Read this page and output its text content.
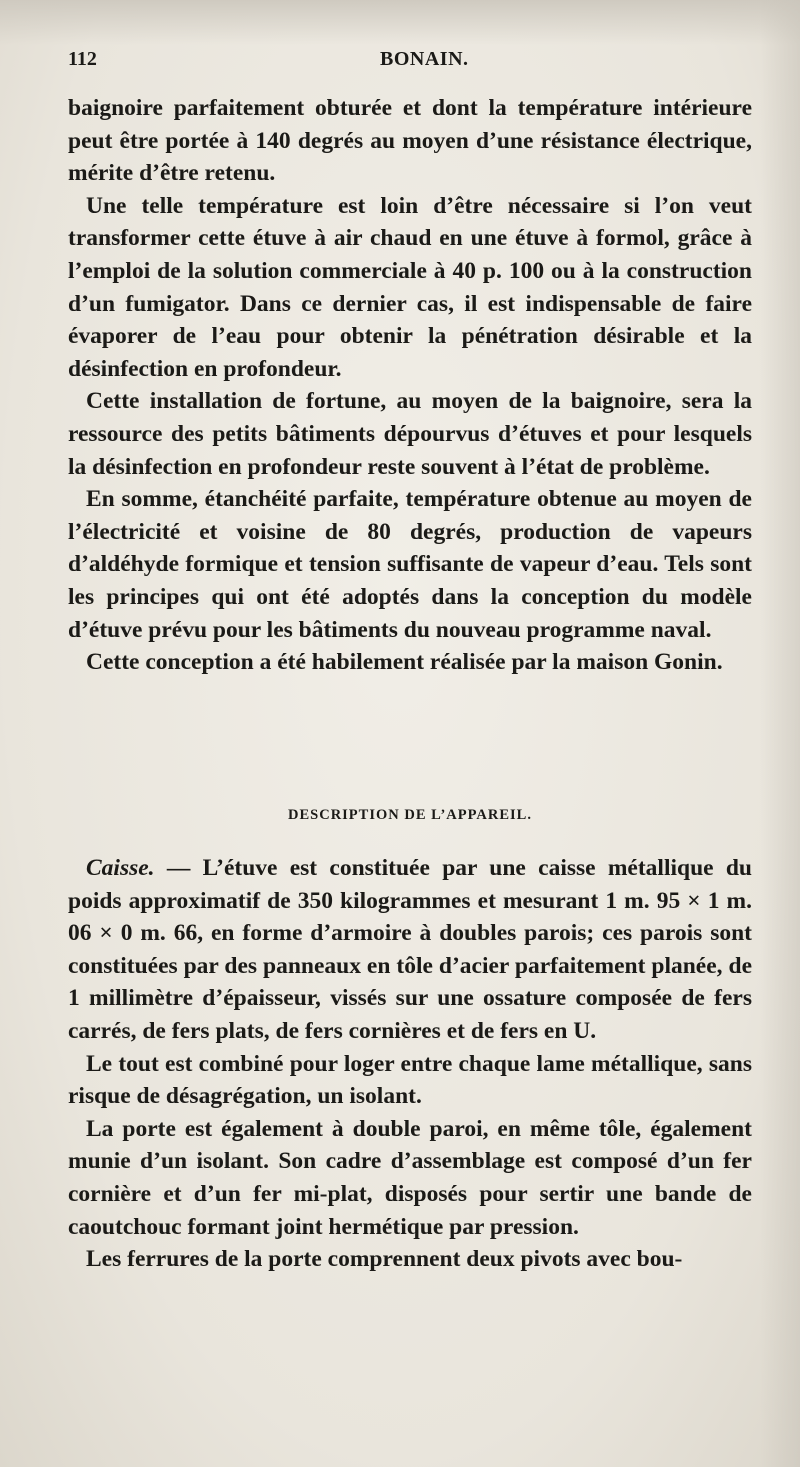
112	BONAIN.

baignoire parfaitement obturée et dont la température intérieure peut être portée à 140 degrés au moyen d’une résistance électrique, mérite d’être retenu.

Une telle température est loin d’être nécessaire si l’on veut transformer cette étuve à air chaud en une étuve à formol, grâce à l’emploi de la solution commerciale à 40 p. 100 ou à la construction d’un fumigator. Dans ce dernier cas, il est indispensable de faire évaporer de l’eau pour obtenir la pénétration désirable et la désinfection en profondeur.

Cette installation de fortune, au moyen de la baignoire, sera la ressource des petits bâtiments dépourvus d’étuves et pour lesquels la désinfection en profondeur reste souvent à l’état de problème.

En somme, étanchéité parfaite, température obtenue au moyen de l’électricité et voisine de 80 degrés, production de vapeurs d’aldéhyde formique et tension suffisante de vapeur d’eau. Tels sont les principes qui ont été adoptés dans la conception du modèle d’étuve prévu pour les bâtiments du nouveau programme naval.

Cette conception a été habilement réalisée par la maison Gonin.

DESCRIPTION DE L’APPAREIL.

Caisse. — L’étuve est constituée par une caisse métallique du poids approximatif de 350 kilogrammes et mesurant 1 m. 95 × 1 m. 06 × 0 m. 66, en forme d’armoire à doubles parois; ces parois sont constituées par des panneaux en tôle d’acier parfaitement planée, de 1 millimètre d’épaisseur, vissés sur une ossature composée de fers carrés, de fers plats, de fers cornières et de fers en U.

Le tout est combiné pour loger entre chaque lame métallique, sans risque de désagrégation, un isolant.

La porte est également à double paroi, en même tôle, également munie d’un isolant. Son cadre d’assemblage est composé d’un fer cornière et d’un fer mi-plat, disposés pour sertir une bande de caoutchouc formant joint hermétique par pression.

Les ferrures de la porte comprennent deux pivots avec bou-
